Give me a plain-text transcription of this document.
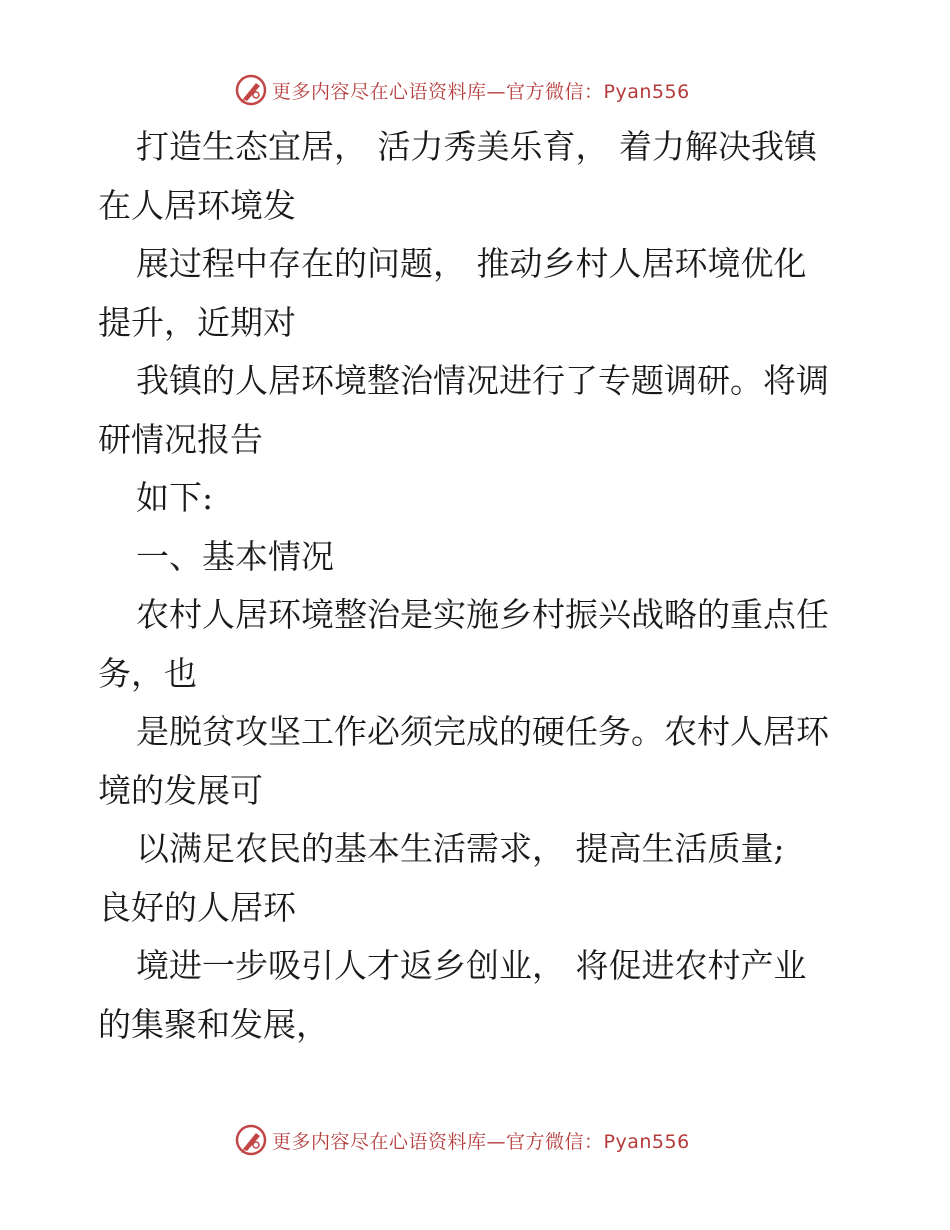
更多内容尽在心语资料库—官方微信：Pyan556

打造生态宜居， 活力秀美乐育， 着力解决我镇

在人居环境发

展过程中存在的问题， 推动乡村人居环境优化

提升，近期对

我镇的人居环境整治情况进行了专题调研。将调

研情况报告

如下:

一、基本情况

农村人居环境整治是实施乡村振兴战略的重点任

务，也

是脱贫攻坚工作必须完成的硬任务。农村人居环

境的发展可

以满足农民的基本生活需求， 提高生活质量;

良好的人居环

境进一步吸引人才返乡创业， 将促进农村产业

的集聚和发展，

更多内容尽在心语资料库—官方微信：Pyan556
